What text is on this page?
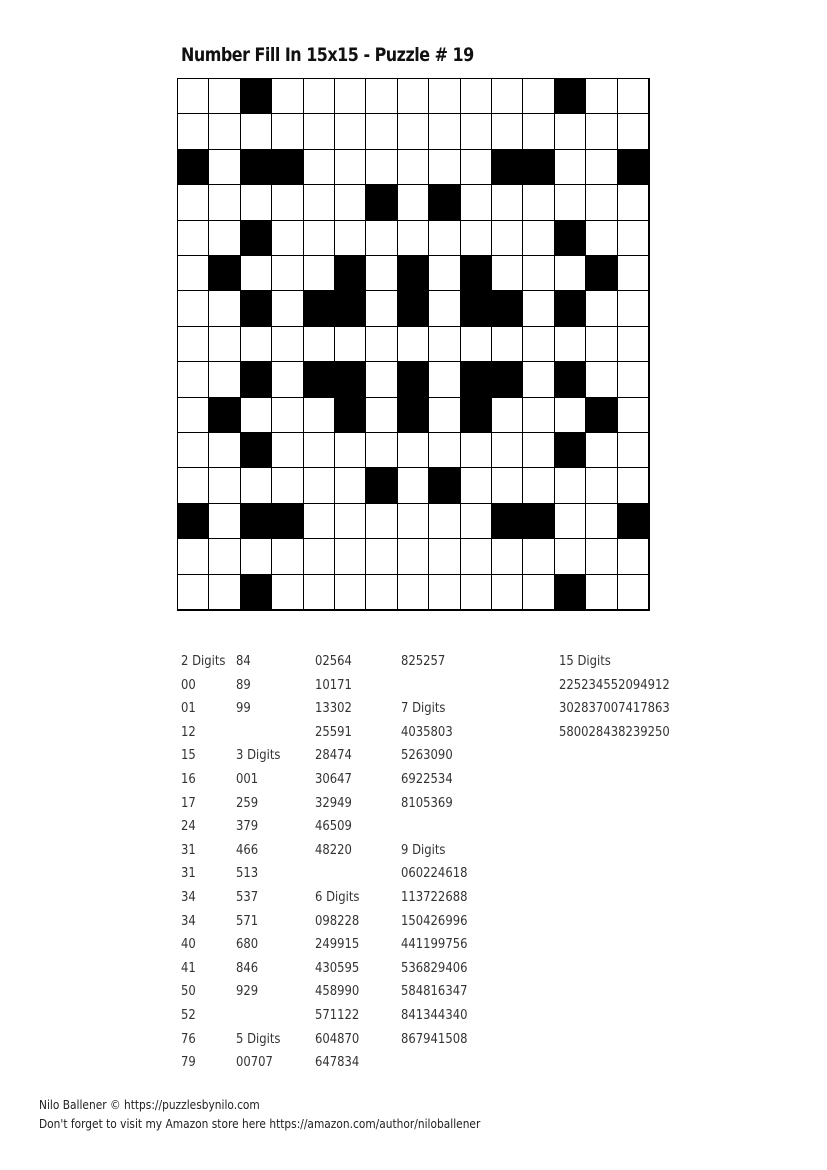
Number Fill In 15x15 - Puzzle # 19
2 Digits
00
01
12
15
16
17
24
31
31
34
34
40
41
50
52
76
79
84
89
99
3 Digits
001
259
379
466
513
537
571
680
846
929
5 Digits
00707
02564
10171
13302
25591
28474
30647
32949
46509
48220
6 Digits
098228
249915
430595
458990
571122
604870
647834
825257
7 Digits
4035803
5263090
6922534
8105369
9 Digits
060224618
113722688
150426996
441199756
536829406
584816347
841344340
867941508
15 Digits
225234552094912
302837007417863
580028438239250
Nilo Ballener © https://puzzlesbynilo.com
Don't forget to visit my Amazon store here https://amazon.com/author/niloballener
